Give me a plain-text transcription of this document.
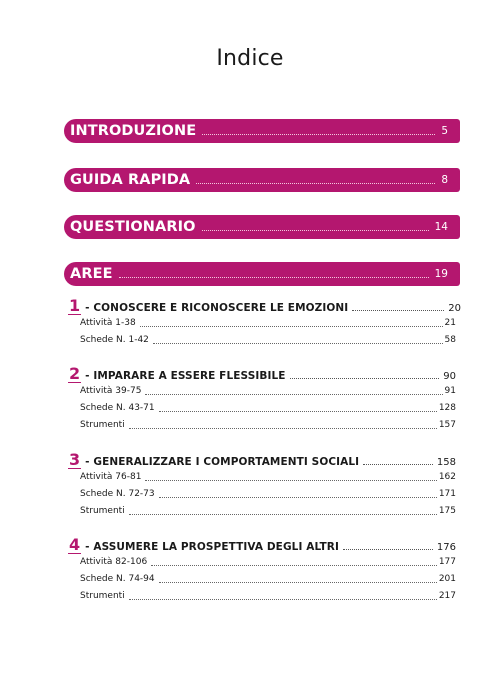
Indice
INTRODUZIONE	5
GUIDA RAPIDA	8
QUESTIONARIO	14
AREE	19
1 - CONOSCERE E RICONOSCERE LE EMOZIONI	20
Attività 1-38	21
Schede N. 1-42	58
2 - IMPARARE A ESSERE FLESSIBILE	90
Attività 39-75	91
Schede N. 43-71	128
Strumenti	157
3 - GENERALIZZARE I COMPORTAMENTI SOCIALI	158
Attività 76-81	162
Schede N. 72-73	171
Strumenti	175
4 - ASSUMERE LA PROSPETTIVA DEGLI ALTRI	176
Attività 82-106	177
Schede N. 74-94	201
Strumenti	217
